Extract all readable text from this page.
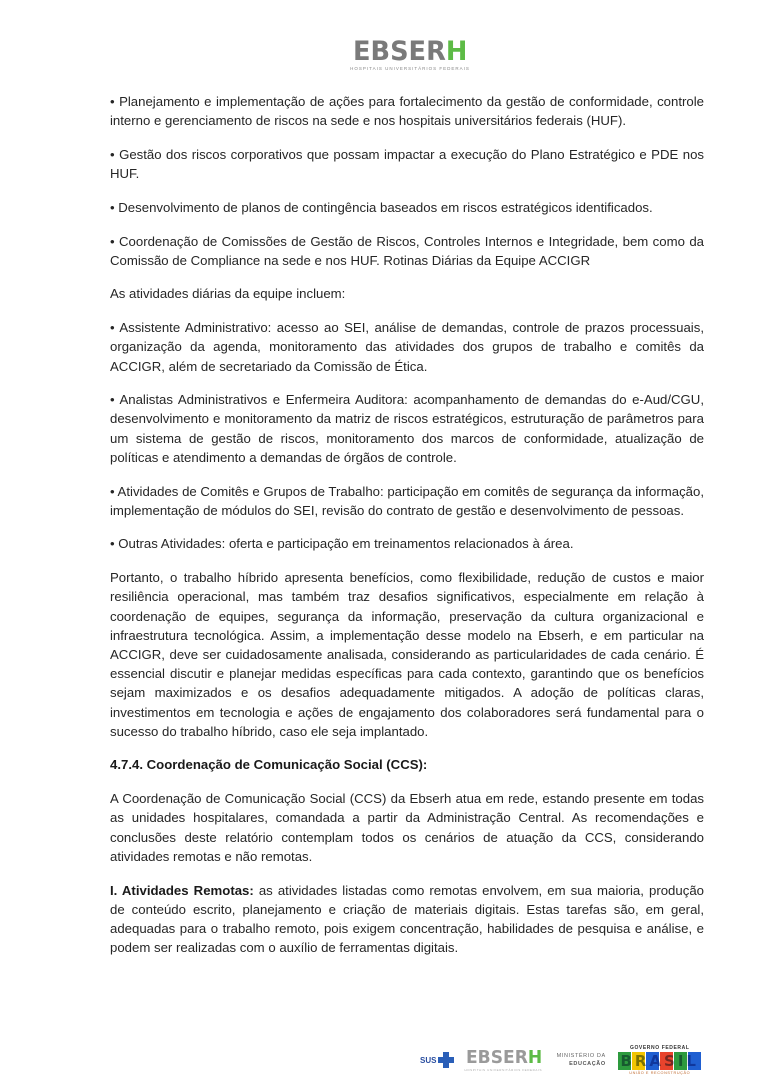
EBSERH
HOSPITAIS UNIVERSITÁRIOS FEDERAIS

• Planejamento e implementação de ações para fortalecimento da gestão de conformidade, controle interno e gerenciamento de riscos na sede e nos hospitais universitários federais (HUF).

• Gestão dos riscos corporativos que possam impactar a execução do Plano Estratégico e PDE nos HUF.

• Desenvolvimento de planos de contingência baseados em riscos estratégicos identificados.

• Coordenação de Comissões de Gestão de Riscos, Controles Internos e Integridade, bem como da Comissão de Compliance na sede e nos HUF. Rotinas Diárias da Equipe ACCIGR

As atividades diárias da equipe incluem:

• Assistente Administrativo: acesso ao SEI, análise de demandas, controle de prazos processuais, organização da agenda, monitoramento das atividades dos grupos de trabalho e comitês da ACCIGR, além de secretariado da Comissão de Ética.

• Analistas Administrativos e Enfermeira Auditora: acompanhamento de demandas do e-Aud/CGU, desenvolvimento e monitoramento da matriz de riscos estratégicos, estruturação de parâmetros para um sistema de gestão de riscos, monitoramento dos marcos de conformidade, atualização de políticas e atendimento a demandas de órgãos de controle.

• Atividades de Comitês e Grupos de Trabalho: participação em comitês de segurança da informação, implementação de módulos do SEI, revisão do contrato de gestão e desenvolvimento de pessoas.

• Outras Atividades: oferta e participação em treinamentos relacionados à área.

Portanto, o trabalho híbrido apresenta benefícios, como flexibilidade, redução de custos e maior resiliência operacional, mas também traz desafios significativos, especialmente em relação à coordenação de equipes, segurança da informação, preservação da cultura organizacional e infraestrutura tecnológica. Assim, a implementação desse modelo na Ebserh, e em particular na ACCIGR, deve ser cuidadosamente analisada, considerando as particularidades de cada cenário. É essencial discutir e planejar medidas específicas para cada contexto, garantindo que os benefícios sejam maximizados e os desafios adequadamente mitigados. A adoção de políticas claras, investimentos em tecnologia e ações de engajamento dos colaboradores será fundamental para o sucesso do trabalho híbrido, caso ele seja implantado.

4.7.4. Coordenação de Comunicação Social (CCS):

A Coordenação de Comunicação Social (CCS) da Ebserh atua em rede, estando presente em todas as unidades hospitalares, comandada a partir da Administração Central. As recomendações e conclusões deste relatório contemplam todos os cenários de atuação da CCS, considerando atividades remotas e não remotas.

I. Atividades Remotas: as atividades listadas como remotas envolvem, em sua maioria, produção de conteúdo escrito, planejamento e criação de materiais digitais. Estas tarefas são, em geral, adequadas para o trabalho remoto, pois exigem concentração, habilidades de pesquisa e análise, e podem ser realizadas com o auxílio de ferramentas digitais.

SUS EBSERH
HOSPITAIS UNIVERSITÁRIOS FEDERAIS
MINISTÉRIO DA
EDUCAÇÃO
GOVERNO FEDERAL
BRASIL
UNIÃO E RECONSTRUÇÃO
